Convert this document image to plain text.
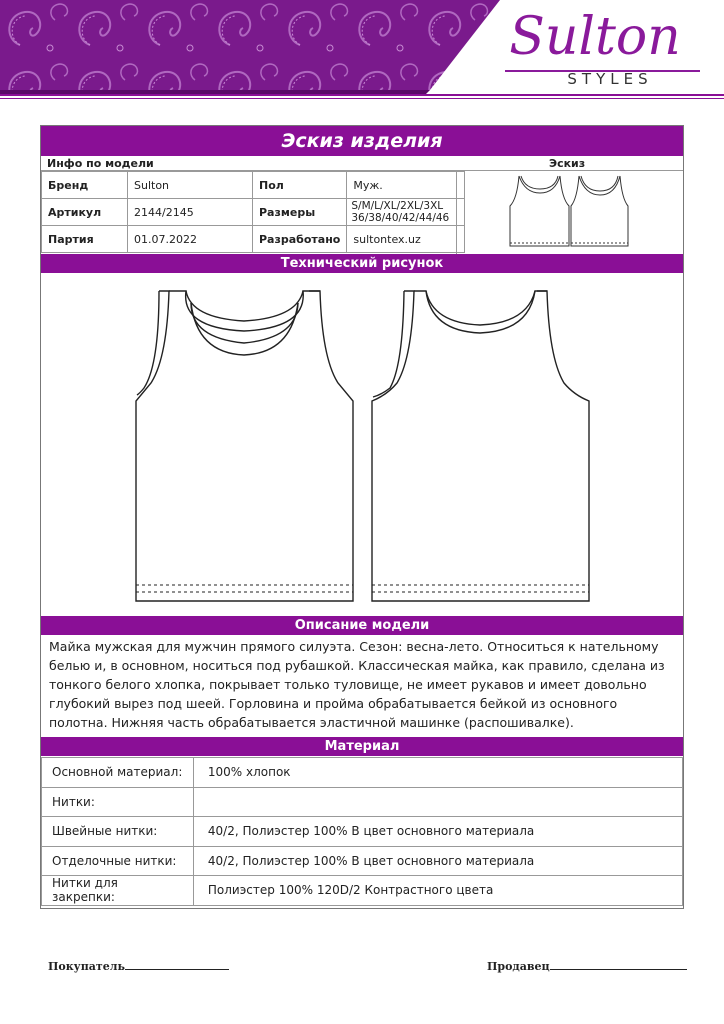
Sulton
STYLES
Эскиз изделия
Инфо по модели	Эскиз
Бренд	Sulton	Пол	Муж.
Артикул	2144/2145	Размеры	S/M/L/XL/2XL/3XL
36/38/40/42/44/46

Партия	01.07.2022	Разработано	sultontex.uz
Технический рисунок
Описание модели
Майка мужская для мужчин прямого силуэта. Сезон: весна-лето. Относиться к нательному белью и, в основном, носиться под рубашкой. Классическая майка, как правило, сделана из тонкого белого хлопка, покрывает только туловище, не имеет рукавов и имеет довольно глубокий вырез под шеей. Горловина и пройма обрабатывается бейкой из основного полотна. Нижняя часть обрабатывается эластичной машинке (распошивалке).
Материал
Основной материал:	100% хлопок
Нитки:	
Швейные нитки:	40/2, Полиэстер 100% В цвет основного материала
Отделочные нитки:	40/2, Полиэстер 100% В цвет основного материала
Нитки для закрепки:	Полиэстер 100% 120D/2 Контрастного цвета
Покупатель	Продавец
